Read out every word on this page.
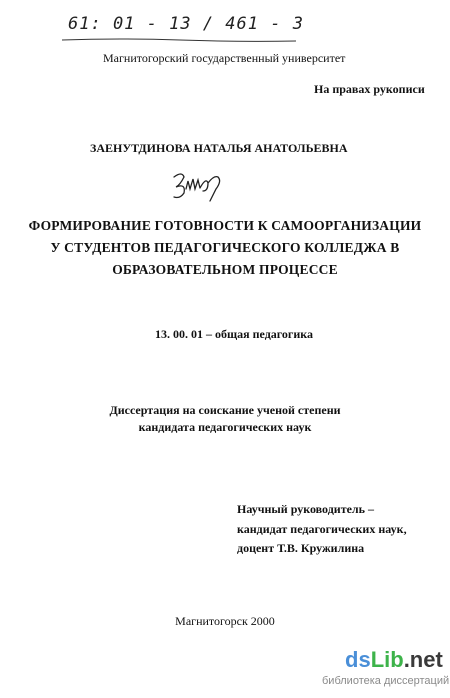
61: 01 - 13 / 461 - 3
Магнитогорский государственный университет
На правах рукописи
ЗАЕНУТДИНОВА НАТАЛЬЯ АНАТОЛЬЕВНА
ФОРМИРОВАНИЕ ГОТОВНОСТИ К САМООРГАНИЗАЦИИ
У СТУДЕНТОВ ПЕДАГОГИЧЕСКОГО КОЛЛЕДЖА В
ОБРАЗОВАТЕЛЬНОМ ПРОЦЕССЕ
13. 00. 01 – общая педагогика
Диссертация на соискание ученой степени
кандидата педагогических наук
Научный руководитель –
кандидат педагогических наук,
доцент Т.В. Кружилина
Магнитогорск 2000
dsLib.net
библиотека диссертаций
